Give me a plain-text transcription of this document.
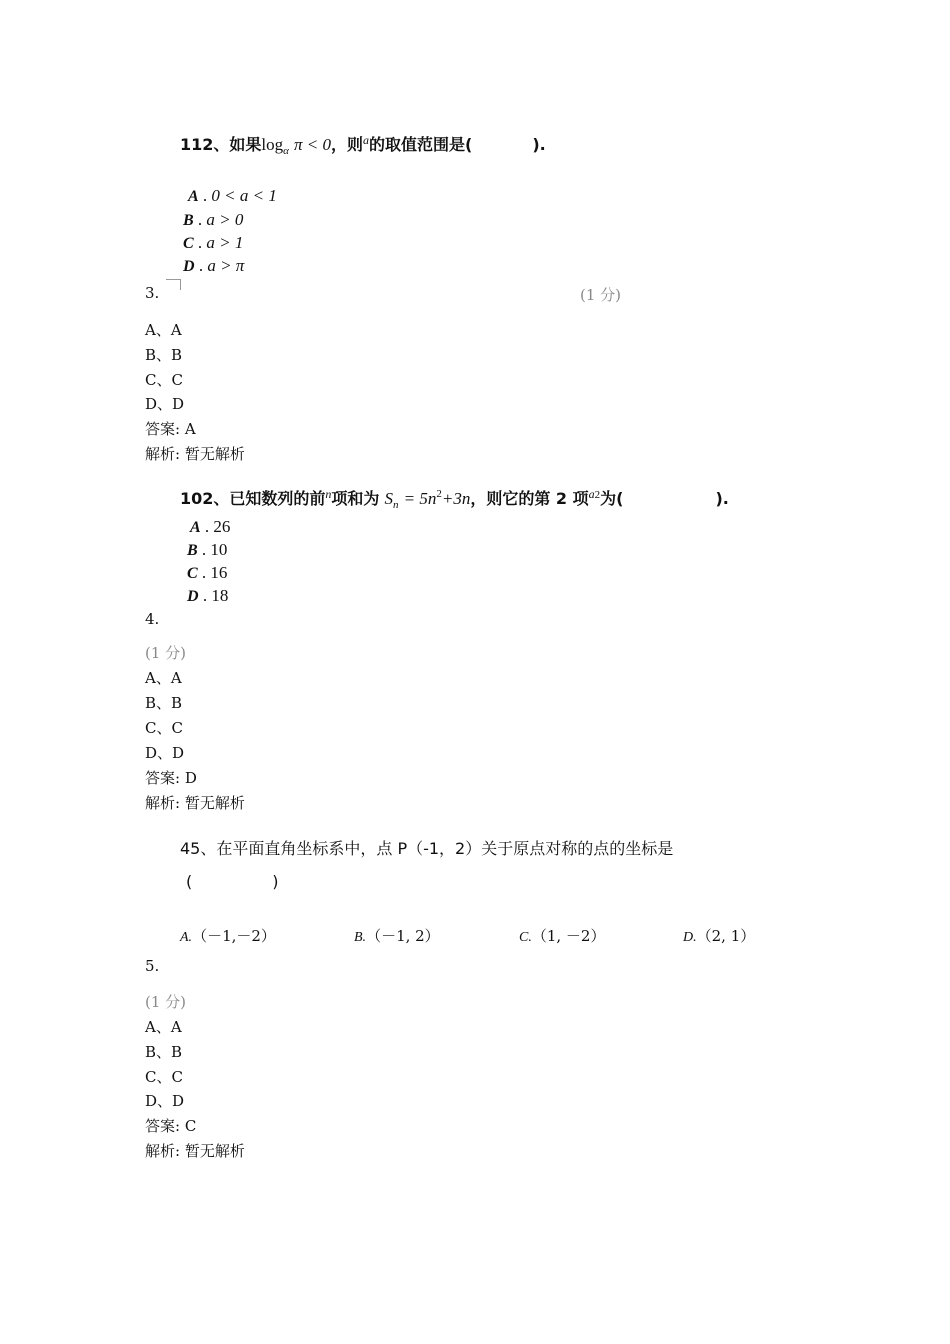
112、如果$\log_\alpha \pi < 0$，则$^a$的取值范围是(	).
A . 0 < a < 1
B . a > 0
C . a > 1
D . a > π
3.	(1 分)
A、A
B、B
C、C
D、D
答案: A
解析: 暂无解析
102、已知数列的前$^n$项和为 $S_n = 5n^2+3n$，则它的第 2 项$^{a2}$为(	).
A . 26
B . 10
C . 16
D . 18
4.
(1 分)
A、A
B、B
C、C
D、D
答案: D
解析: 暂无解析
45、在平面直角坐标系中，点 P（-1，2）关于原点对称的点的坐标是
(　　　　　)
A.（－1,－2）	B.（－1, 2）	C.（1, －2）	D.（2, 1）
5.
(1 分)
A、A
B、B
C、C
D、D
答案: C
解析: 暂无解析
